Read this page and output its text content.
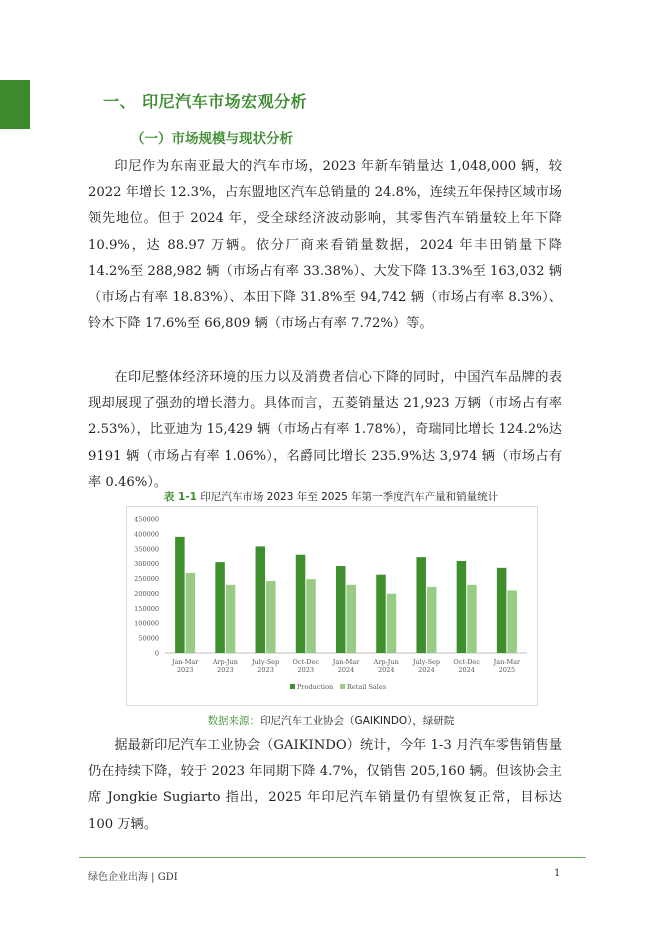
一、 印尼汽车市场宏观分析
（一）市场规模与现状分析

印尼作为东南亚最大的汽车市场，2023 年新车销量达 1,048,000 辆，较 2022 年增长 12.3%，占东盟地区汽车总销量的 24.8%，连续五年保持区域市场领先地位。但于 2024 年，受全球经济波动影响，其零售汽车销量较上年下降 10.9%，达 88.97 万辆。依分厂商来看销量数据，2024 年丰田销量下降 14.2%至 288,982 辆（市场占有率 33.38%）、大发下降 13.3%至 163,032 辆（市场占有率 18.83%）、本田下降 31.8%至 94,742 辆（市场占有率 8.3%）、铃木下降 17.6%至 66,809 辆（市场占有率 7.72%）等。

在印尼整体经济环境的压力以及消费者信心下降的同时，中国汽车品牌的表现却展现了强劲的增长潜力。具体而言，五菱销量达 21,923 万辆（市场占有率 2.53%），比亚迪为 15,429 辆（市场占有率 1.78%），奇瑞同比增长 124.2%达 9191 辆（市场占有率 1.06%），名爵同比增长 235.9%达 3,974 辆（市场占有率 0.46%）。

表 1-1 印尼汽车市场 2023 年至 2025 年第一季度汽车产量和销量统计
0
50000
100000
150000
200000
250000
300000
350000
400000
450000
Jan-Mar
2023
Arp-Jun
2023
July-Sep
2023
Oct-Dec
2023
Jan-Mar
2024
Arp-Jun
2024
July-Sep
2024
Oct-Dec
2024
Jan-Mar
2025
Production Retail Sales
数据来源：印尼汽车工业协会（GAIKINDO），绿研院

据最新印尼汽车工业协会（GAIKINDO）统计，今年 1-3 月汽车零售销售量仍在持续下降，较于 2023 年同期下降 4.7%，仅销售 205,160 辆。但该协会主席 Jongkie Sugiarto 指出，2025 年印尼汽车销量仍有望恢复正常，目标达 100 万辆。

绿色企业出海 | GDI	1
